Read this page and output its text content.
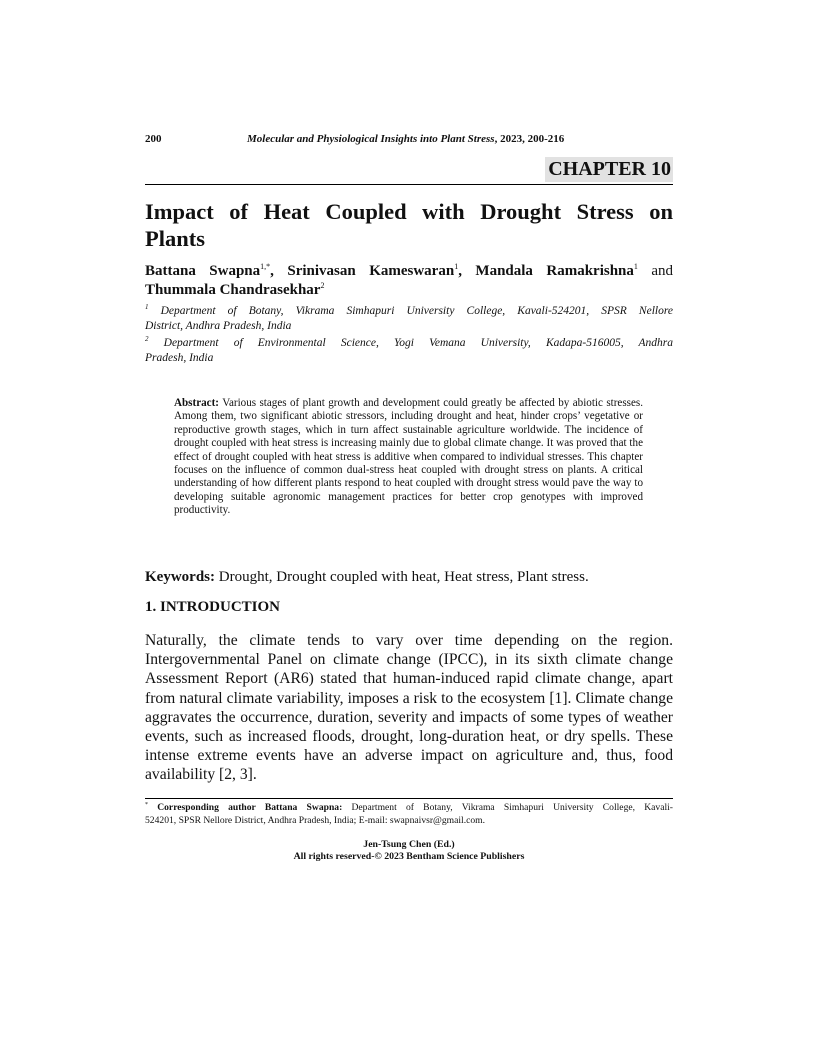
200	Molecular and Physiological Insights into Plant Stress, 2023, 200-216
CHAPTER 10
Impact of Heat Coupled with Drought Stress on
Plants
Battana Swapna$^{1,*}$, Srinivasan Kameswaran$^1$, Mandala Ramakrishna$^1$ and
Thummala Chandrasekhar$^2$
$^1$ Department of Botany, Vikrama Simhapuri University College, Kavali-524201, SPSR Nellore
District, Andhra Pradesh, India
$^2$ Department of Environmental Science, Yogi Vemana University, Kadapa-516005, Andhra
Pradesh, India
Abstract: Various stages of plant growth and development could greatly be affected by abiotic stresses. Among them, two significant abiotic stressors, including drought and heat, hinder crops’ vegetative or reproductive growth stages, which in turn affect sustainable agriculture worldwide. The incidence of drought coupled with heat stress is increasing mainly due to global climate change. It was proved that the effect of drought coupled with heat stress is additive when compared to individual stresses. This chapter focuses on the influence of common dual-stress heat coupled with drought stress on plants. A critical understanding of how different plants respond to heat coupled with drought stress would pave the way to developing suitable agronomic management practices for better crop genotypes with improved productivity.
Keywords: Drought, Drought coupled with heat, Heat stress, Plant stress.
1. INTRODUCTION

Naturally, the climate tends to vary over time depending on the region. Intergovernmental Panel on climate change (IPCC), in its sixth climate change Assessment Report (AR6) stated that human-induced rapid climate change, apart from natural climate variability, imposes a risk to the ecosystem [1]. Climate change aggravates the occurrence, duration, severity and impacts of some types of weather events, such as increased floods, drought, long-duration heat, or dry spells. These intense extreme events have an adverse impact on agriculture and, thus, food availability [2, 3].

* Corresponding author Battana Swapna: Department of Botany, Vikrama Simhapuri University College, Kavali-
524201, SPSR Nellore District, Andhra Pradesh, India; E-mail: swapnaivsr@gmail.com.
Jen-Tsung Chen (Ed.)
All rights reserved-© 2023 Bentham Science Publishers
